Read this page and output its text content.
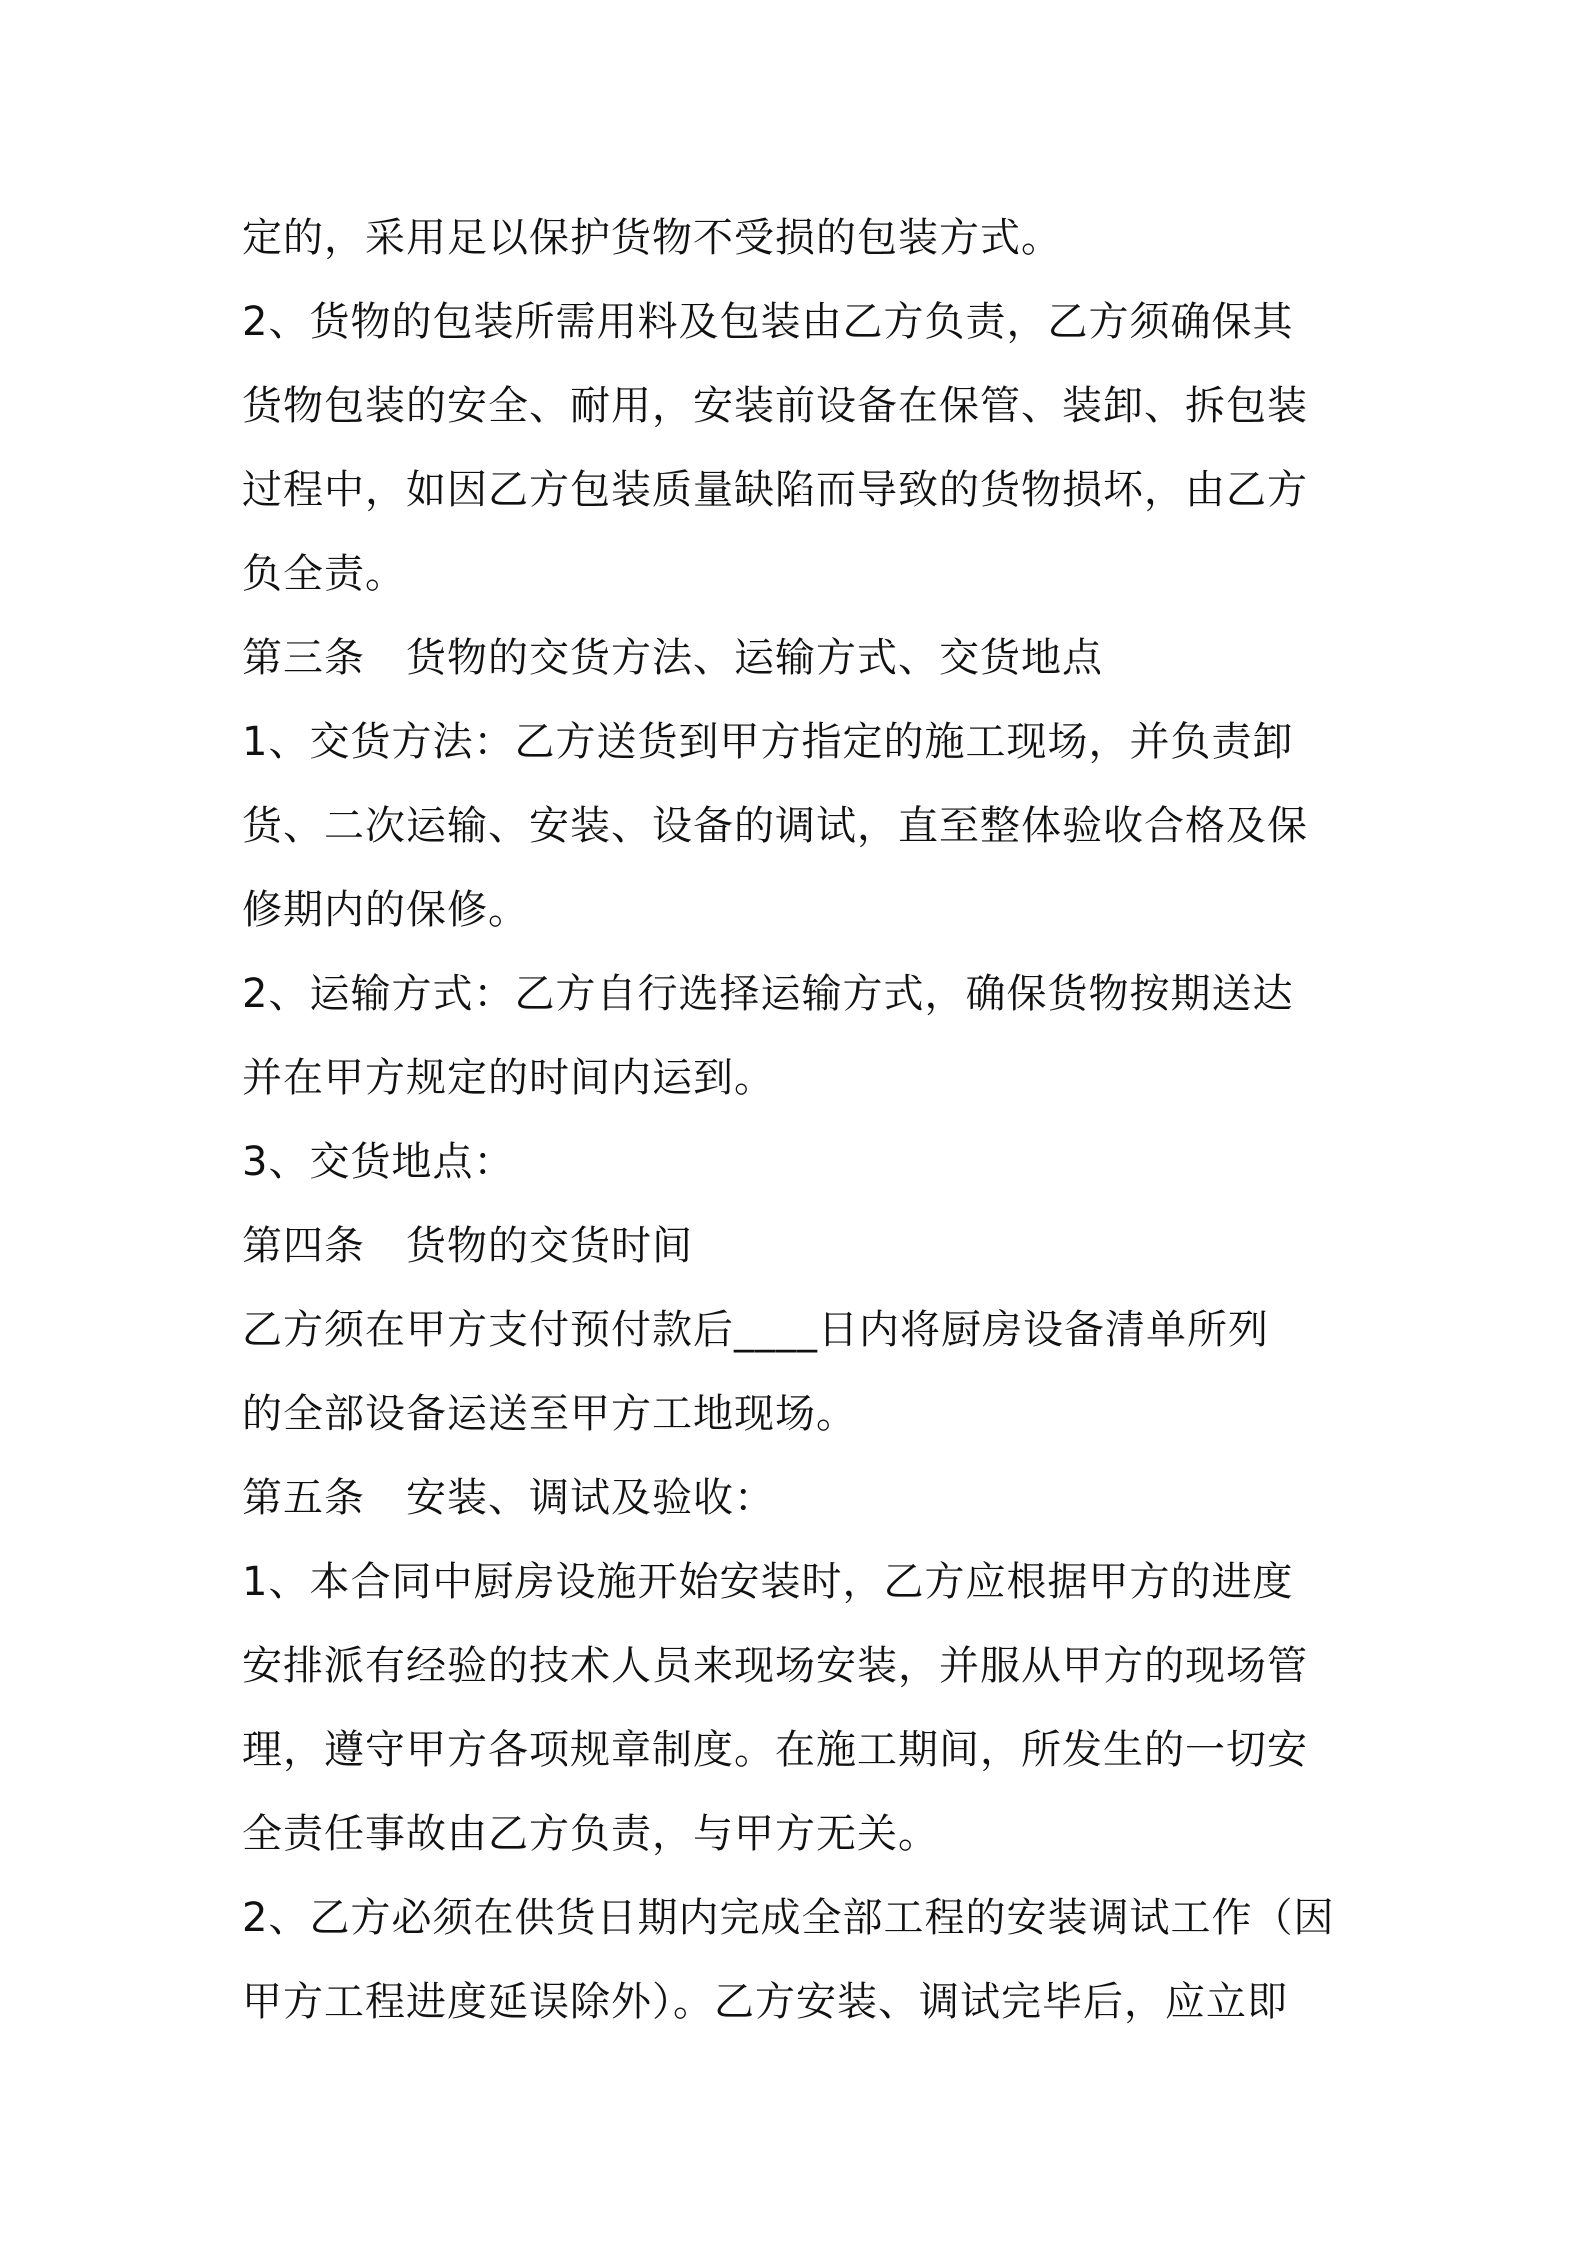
定的，采用足以保护货物不受损的包装方式。
2、货物的包装所需用料及包装由乙方负责，乙方须确保其
货物包装的安全、耐用，安装前设备在保管、装卸、拆包装
过程中，如因乙方包装质量缺陷而导致的货物损坏，由乙方
负全责。
第三条　货物的交货方法、运输方式、交货地点
1、交货方法：乙方送货到甲方指定的施工现场，并负责卸
货、二次运输、安装、设备的调试，直至整体验收合格及保
修期内的保修。
2、运输方式：乙方自行选择运输方式，确保货物按期送达
并在甲方规定的时间内运到。
3、交货地点：
第四条　货物的交货时间
乙方须在甲方支付预付款后____日内将厨房设备清单所列
的全部设备运送至甲方工地现场。
第五条　安装、调试及验收：
1、本合同中厨房设施开始安装时，乙方应根据甲方的进度
安排派有经验的技术人员来现场安装，并服从甲方的现场管
理，遵守甲方各项规章制度。在施工期间，所发生的一切安
全责任事故由乙方负责，与甲方无关。
2、乙方必须在供货日期内完成全部工程的安装调试工作（因
甲方工程进度延误除外）。乙方安装、调试完毕后，应立即
